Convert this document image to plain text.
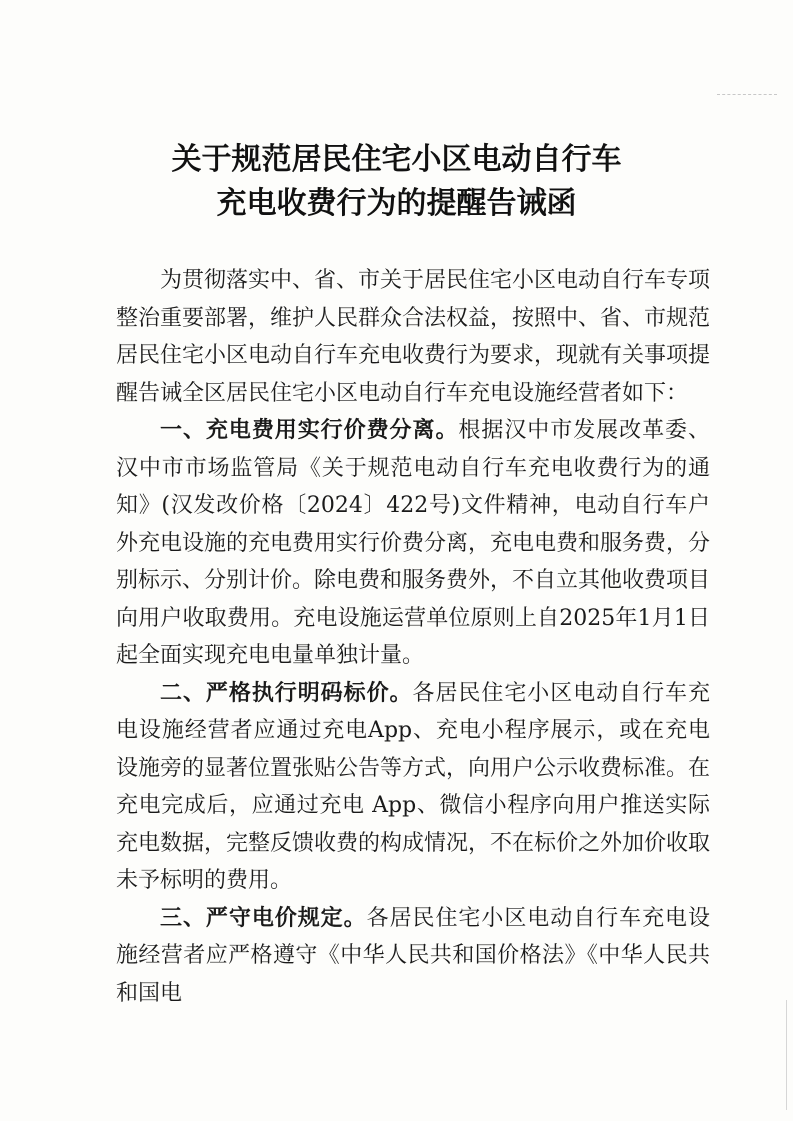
关于规范居民住宅小区电动自行车
充电收费行为的提醒告诫函

为贯彻落实中、省、市关于居民住宅小区电动自行车专项整治重要部署，维护人民群众合法权益，按照中、省、市规范居民住宅小区电动自行车充电收费行为要求，现就有关事项提醒告诫全区居民住宅小区电动自行车充电设施经营者如下：

一、充电费用实行价费分离。根据汉中市发展改革委、汉中市市场监管局《关于规范电动自行车充电收费行为的通知》(汉发改价格〔2024〕422号)文件精神，电动自行车户外充电设施的充电费用实行价费分离，充电电费和服务费，分别标示、分别计价。除电费和服务费外，不自立其他收费项目向用户收取费用。充电设施运营单位原则上自2025年1月1日起全面实现充电电量单独计量。

二、严格执行明码标价。各居民住宅小区电动自行车充电设施经营者应通过充电App、充电小程序展示，或在充电设施旁的显著位置张贴公告等方式，向用户公示收费标准。在充电完成后，应通过充电 App、微信小程序向用户推送实际充电数据，完整反馈收费的构成情况，不在标价之外加价收取未予标明的费用。

三、严守电价规定。各居民住宅小区电动自行车充电设施经营者应严格遵守《中华人民共和国价格法》《中华人民共和国电
